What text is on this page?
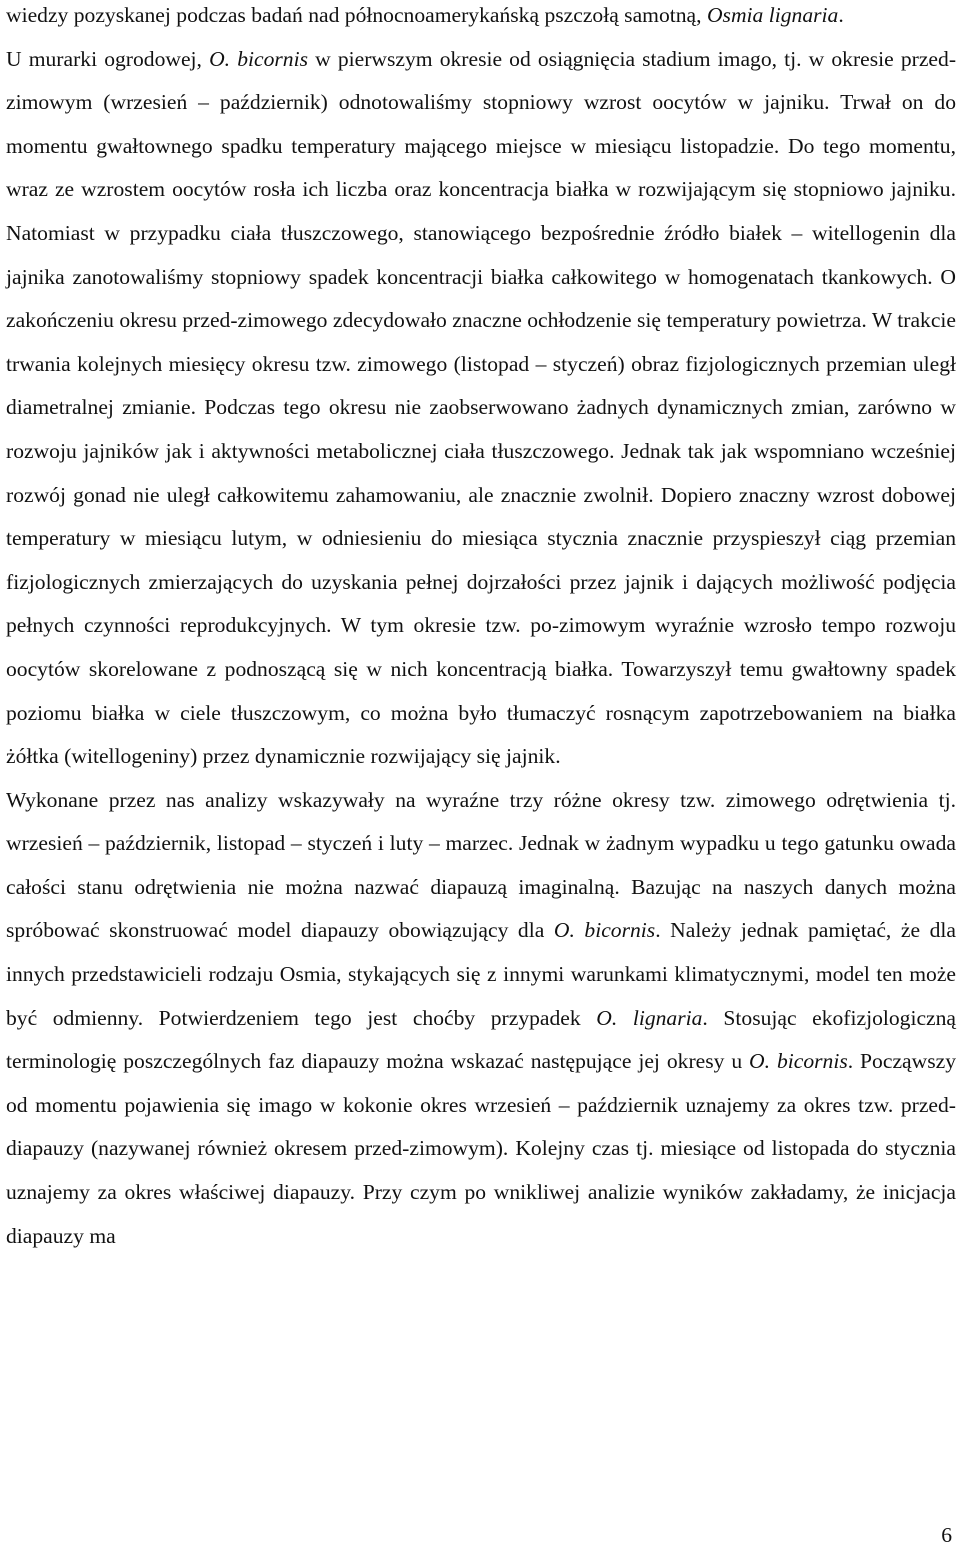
wiedzy pozyskanej podczas badań nad północnoamerykańską pszczołą samotną, Osmia lignaria.

U murarki ogrodowej, O. bicornis w pierwszym okresie od osiągnięcia stadium imago, tj. w okresie przed-zimowym (wrzesień – październik) odnotowaliśmy stopniowy wzrost oocytów w jajniku. Trwał on do momentu gwałtownego spadku temperatury mającego miejsce w miesiącu listopadzie. Do tego momentu, wraz ze wzrostem oocytów rosła ich liczba oraz koncentracja białka w rozwijającym się stopniowo jajniku. Natomiast w przypadku ciała tłuszczowego, stanowiącego bezpośrednie źródło białek – witellogenin dla jajnika zanotowaliśmy stopniowy spadek koncentracji białka całkowitego w homogenatach tkankowych. O zakończeniu okresu przed-zimowego zdecydowało znaczne ochłodzenie się temperatury powietrza. W trakcie trwania kolejnych miesięcy okresu tzw. zimowego (listopad – styczeń) obraz fizjologicznych przemian uległ diametralnej zmianie. Podczas tego okresu nie zaobserwowano żadnych dynamicznych zmian, zarówno w rozwoju jajników jak i aktywności metabolicznej ciała tłuszczowego. Jednak tak jak wspomniano wcześniej rozwój gonad nie uległ całkowitemu zahamowaniu, ale znacznie zwolnił. Dopiero znaczny wzrost dobowej temperatury w miesiącu lutym, w odniesieniu do miesiąca stycznia znacznie przyspieszył ciąg przemian fizjologicznych zmierzających do uzyskania pełnej dojrzałości przez jajnik i dających możliwość podjęcia pełnych czynności reprodukcyjnych. W tym okresie tzw. po-zimowym wyraźnie wzrosło tempo rozwoju oocytów skorelowane z podnoszącą się w nich koncentracją białka. Towarzyszył temu gwałtowny spadek poziomu białka w ciele tłuszczowym, co można było tłumaczyć rosnącym zapotrzebowaniem na białka żółtka (witellogeniny) przez dynamicznie rozwijający się jajnik.

Wykonane przez nas analizy wskazywały na wyraźne trzy różne okresy tzw. zimowego odrętwienia tj. wrzesień – październik, listopad – styczeń i luty – marzec. Jednak w żadnym wypadku u tego gatunku owada całości stanu odrętwienia nie można nazwać diapauzą imaginalną. Bazując na naszych danych można spróbować skonstruować model diapauzy obowiązujący dla O. bicornis. Należy jednak pamiętać, że dla innych przedstawicieli rodzaju Osmia, stykających się z innymi warunkami klimatycznymi, model ten może być odmienny. Potwierdzeniem tego jest choćby przypadek O. lignaria. Stosując ekofizjologiczną terminologię poszczególnych faz diapauzy można wskazać następujące jej okresy u O. bicornis. Począwszy od momentu pojawienia się imago w kokonie okres wrzesień – październik uznajemy za okres tzw. przed-diapauzy (nazywanej również okresem przed-zimowym). Kolejny czas tj. miesiące od listopada do stycznia uznajemy za okres właściwej diapauzy. Przy czym po wnikliwej analizie wyników zakładamy, że inicjacja diapauzy ma

6
